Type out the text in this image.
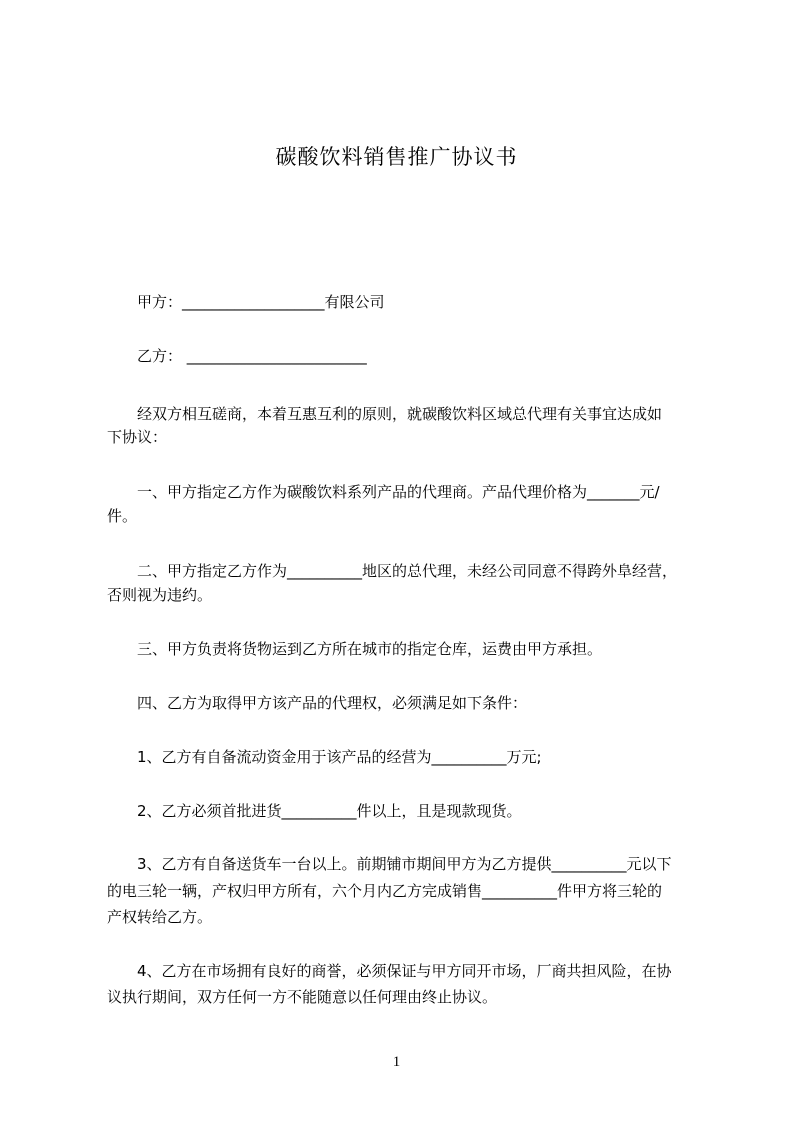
碳酸饮料销售推广协议书
甲方：___________________有限公司
乙方： ________________________
经双方相互磋商，本着互惠互利的原则，就碳酸饮料区域总代理有关事宜达成如
下协议：
一、甲方指定乙方作为碳酸饮料系列产品的代理商。产品代理价格为_______元/
件。
二、甲方指定乙方作为__________地区的总代理，未经公司同意不得跨外阜经营，
否则视为违约。
三、甲方负责将货物运到乙方所在城市的指定仓库，运费由甲方承担。
四、乙方为取得甲方该产品的代理权，必须满足如下条件：
1、乙方有自备流动资金用于该产品的经营为__________万元;
2、乙方必须首批进货__________件以上，且是现款现货。
3、乙方有自备送货车一台以上。前期铺市期间甲方为乙方提供__________元以下
的电三轮一辆，产权归甲方所有，六个月内乙方完成销售__________件甲方将三轮的
产权转给乙方。
4、乙方在市场拥有良好的商誉，必须保证与甲方同开市场，厂商共担风险，在协
议执行期间，双方任何一方不能随意以任何理由终止协议。
1
